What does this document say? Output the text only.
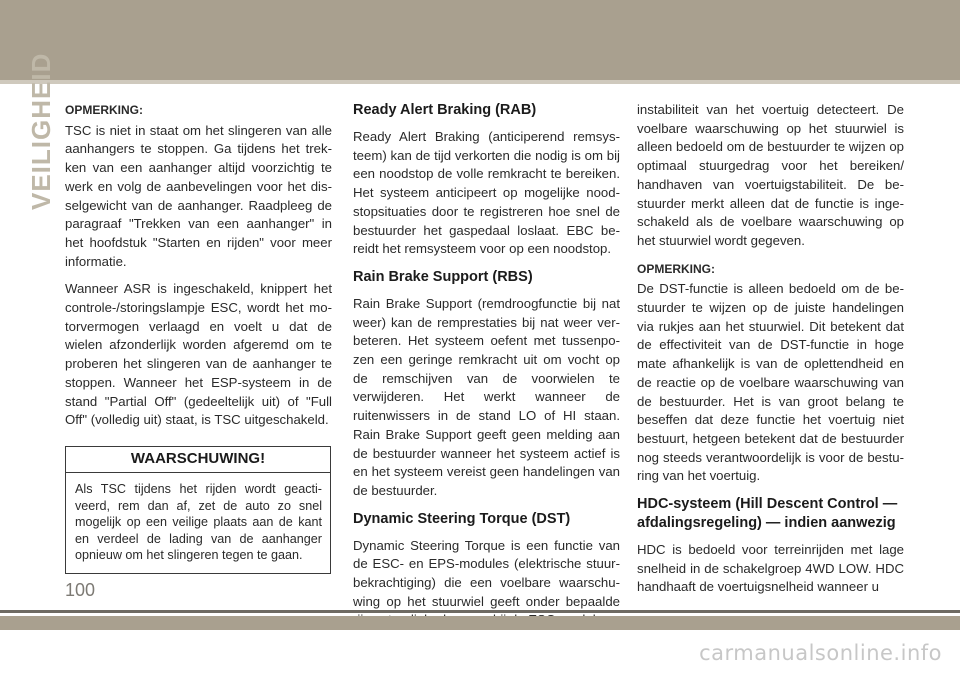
VEILIGHEID OPMERKING:

TSC is niet in staat om het slingeren van alle aanhangers te stoppen. Ga tijdens het trekken van een aanhanger altijd voorzichtig te werk en volg de aanbevelingen voor het disselgewicht van de aanhanger. Raadpleeg de paragraaf "Trekken van een aanhanger" in het hoofdstuk "Starten en rijden" voor meer informatie.

Wanneer ASR is ingeschakeld, knippert het controle-/storingslampje ESC, wordt het motorvermogen verlaagd en voelt u dat de wielen afzonderlijk worden afgeremd om te proberen het slingeren van de aanhanger te stoppen. Wanneer het ESP-systeem in de stand "Partial Off" (gedeeltelijk uit) of "Full Off" (volledig uit) staat, is TSC uitgeschakeld.

WAARSCHUWING!
Als TSC tijdens het rijden wordt geactiveerd, rem dan af, zet de auto zo snel mogelijk op een veilige plaats aan de kant en verdeel de lading van de aanhanger opnieuw om het slingeren tegen te gaan.
Ready Alert Braking (RAB)

Ready Alert Braking (anticiperend remsysteem) kan de tijd verkorten die nodig is om bij een noodstop de volle remkracht te bereiken. Het systeem anticipeert op mogelijke noodstopsituaties door te registreren hoe snel de bestuurder het gaspedaal loslaat. EBC bereidt het remsysteem voor op een noodstop.

Rain Brake Support (RBS)

Rain Brake Support (remdroogfunctie bij nat weer) kan de remprestaties bij nat weer verbeteren. Het systeem oefent met tussenpozen een geringe remkracht uit om vocht op de remschijven van de voorwielen te verwijderen. Het werkt wanneer de ruitenwissers in de stand LO of HI staan. Rain Brake Support geeft geen melding aan de bestuurder wanneer het systeem actief is en het systeem vereist geen handelingen van de bestuurder.

Dynamic Steering Torque (DST)

Dynamic Steering Torque is een functie van de ESC- en EPS-modules (elektrische stuurbekrachtiging) die een voelbare waarschuwing op het stuurwiel geeft onder bepaalde

instabiliteit van het voertuig detecteert. De voelbare waarschuwing op het stuurwiel is alleen bedoeld om de bestuurder te wijzen op optimaal stuurgedrag voor het bereiken/ handhaven van voertuigstabiliteit. De bestuurder merkt alleen dat de functie is ingeschakeld als de voelbare waarschuwing op het stuurwiel wordt gegeven.

OPMERKING:

De DST-functie is alleen bedoeld om de bestuurder te wijzen op de juiste handelingen via rukjes aan het stuurwiel. Dit betekent dat de effectiviteit van de DST-functie in hoge mate afhankelijk is van de oplettendheid en de reactie op de voelbare waarschuwing van de bestuurder. Het is van groot belang te beseffen dat deze functie het voertuig niet bestuurt, hetgeen betekent dat de bestuurder nog steeds verantwoordelijk is voor de besturing van het voertuig.

HDC-systeem (Hill Descent Control — afdalingsregeling) — indien aanwezig

HDC is bedoeld voor terreinrijden met lage snelheid in de schakelgroep 4WD LOW. HDC handhaaft de voertuigsnelheid wanneer u

100
carmanualsonline.info
